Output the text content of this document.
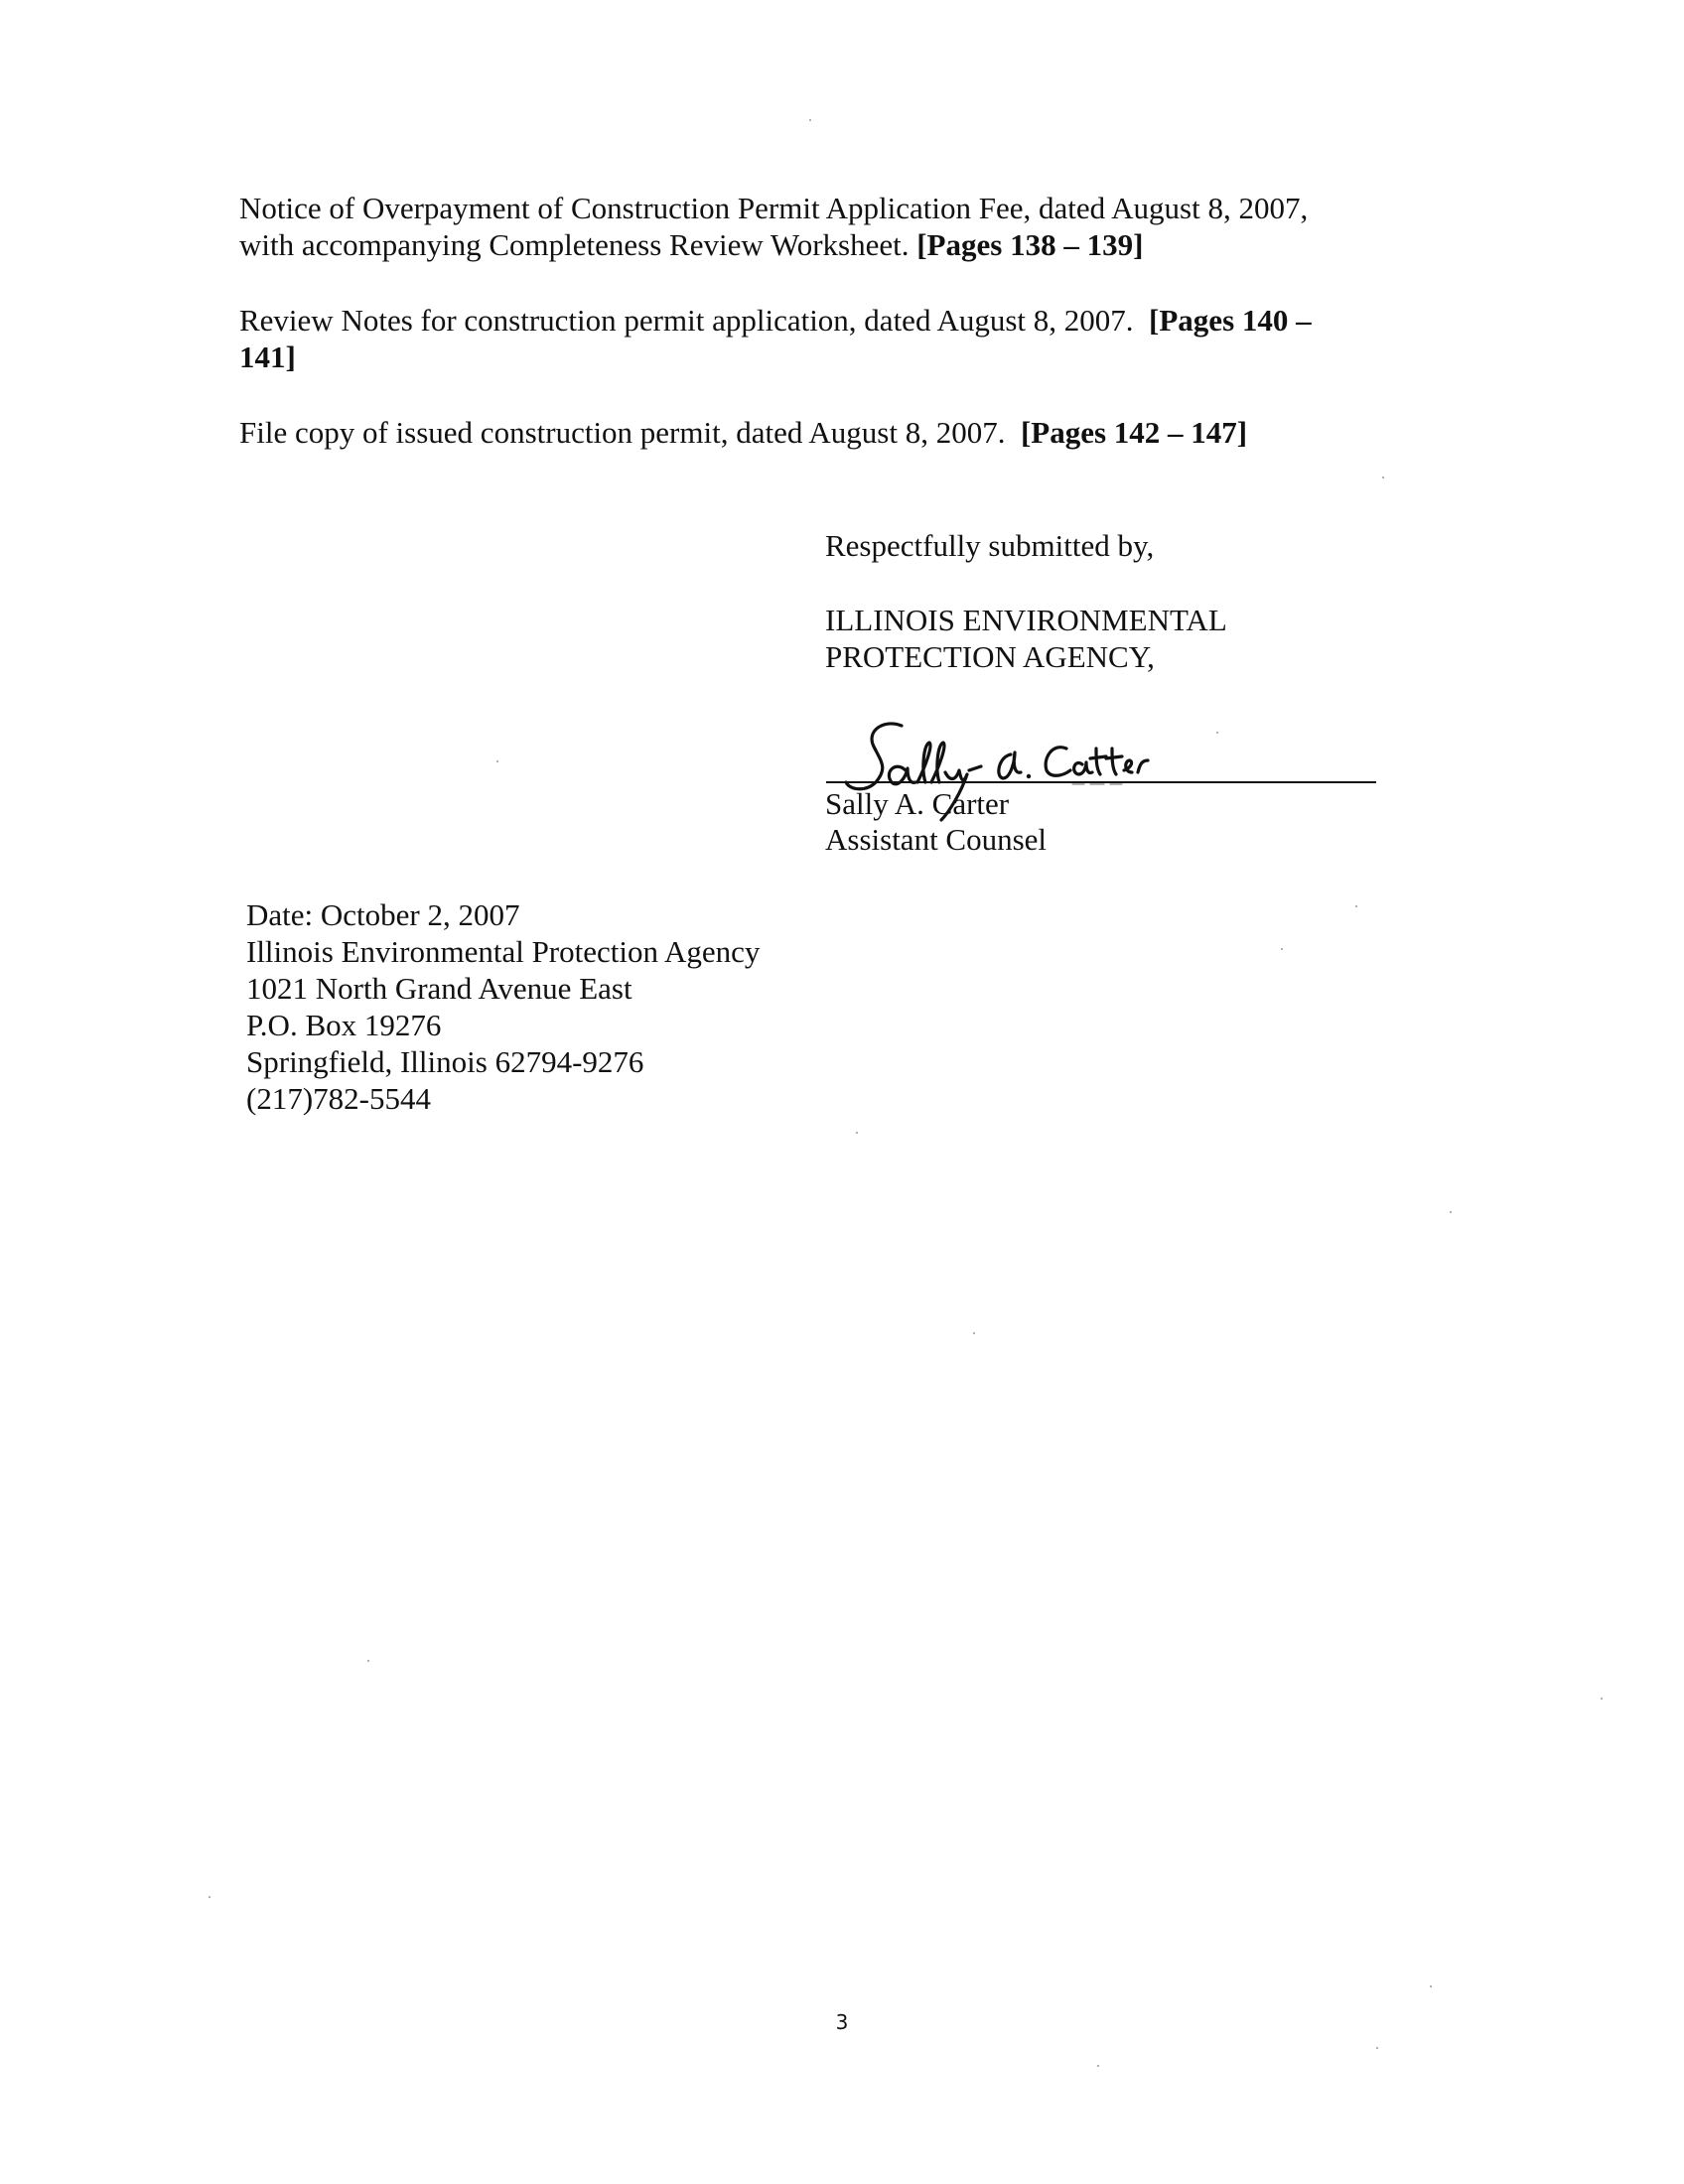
Notice of Overpayment of Construction Permit Application Fee, dated August 8, 2007,
with accompanying Completeness Review Worksheet. [Pages 138 – 139]
Review Notes for construction permit application, dated August 8, 2007. [Pages 140 –
141]
File copy of issued construction permit, dated August 8, 2007. [Pages 142 – 147]
Respectfully submitted by,
ILLINOIS ENVIRONMENTAL
PROTECTION AGENCY,
Sally A. Carter
Assistant Counsel
Date: October 2, 2007
Illinois Environmental Protection Agency
1021 North Grand Avenue East
P.O. Box 19276
Springfield, Illinois 62794-9276
(217)782-5544
3
